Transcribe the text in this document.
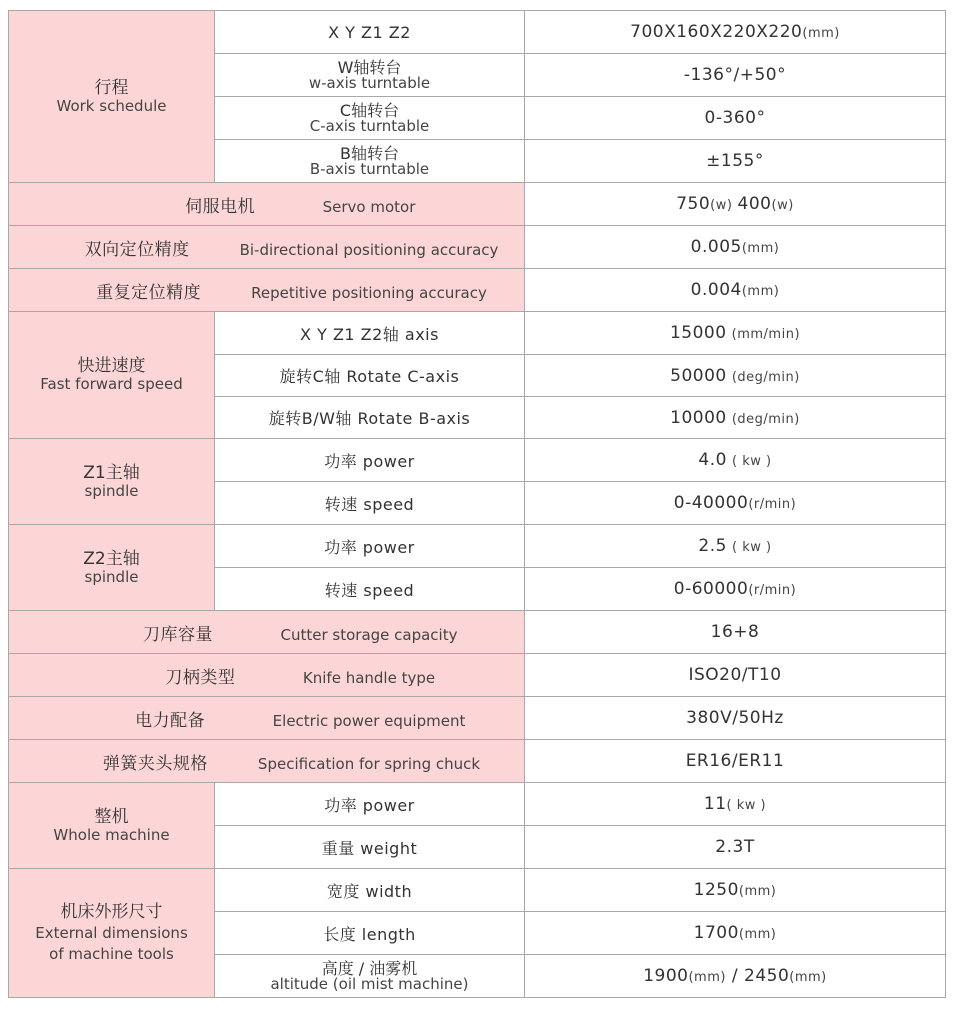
行程
Work schedule	X Y Z1 Z2	700X160X220X220(mm)

	W轴转台
w-axis turntable	-136°/+50°

	C轴转台
C-axis turntable	0-360°

	B轴转台
B-axis turntable	±155°
伺服电机 Servo motor		750(w) 400(w)
双向定位精度 Bi-directional positioning accuracy		0.005(mm)
重复定位精度 Repetitive positioning accuracy		0.004(mm)

快进速度
Fast forward speed	X Y Z1 Z2轴 axis	15000 (mm/min)
	旋转C轴 Rotate C-axis	50000 (deg/min)
	旋转B/W轴 Rotate B-axis	10000 (deg/min)

Z1主轴
spindle	功率 power	4.0 ( kw )
	转速 speed	0-40000(r/min)

Z2主轴
spindle	功率 power	2.5 ( kw )
	转速 speed	0-60000(r/min)
刀库容量 Cutter storage capacity		16+8
刀柄类型 Knife handle type		ISO20/T10
电力配备 Electric power equipment		380V/50Hz
弹簧夹头规格 Specification for spring chuck		ER16/ER11

整机
Whole machine	功率 power	11( kw )
	重量 weight	2.3T

机床外形尺寸
External dimensions
of machine tools	宽度 width	1250(mm)
	长度 length	1700(mm)

	高度 / 油雾机
altitude (oil mist machine)	1900(mm) / 2450(mm)
